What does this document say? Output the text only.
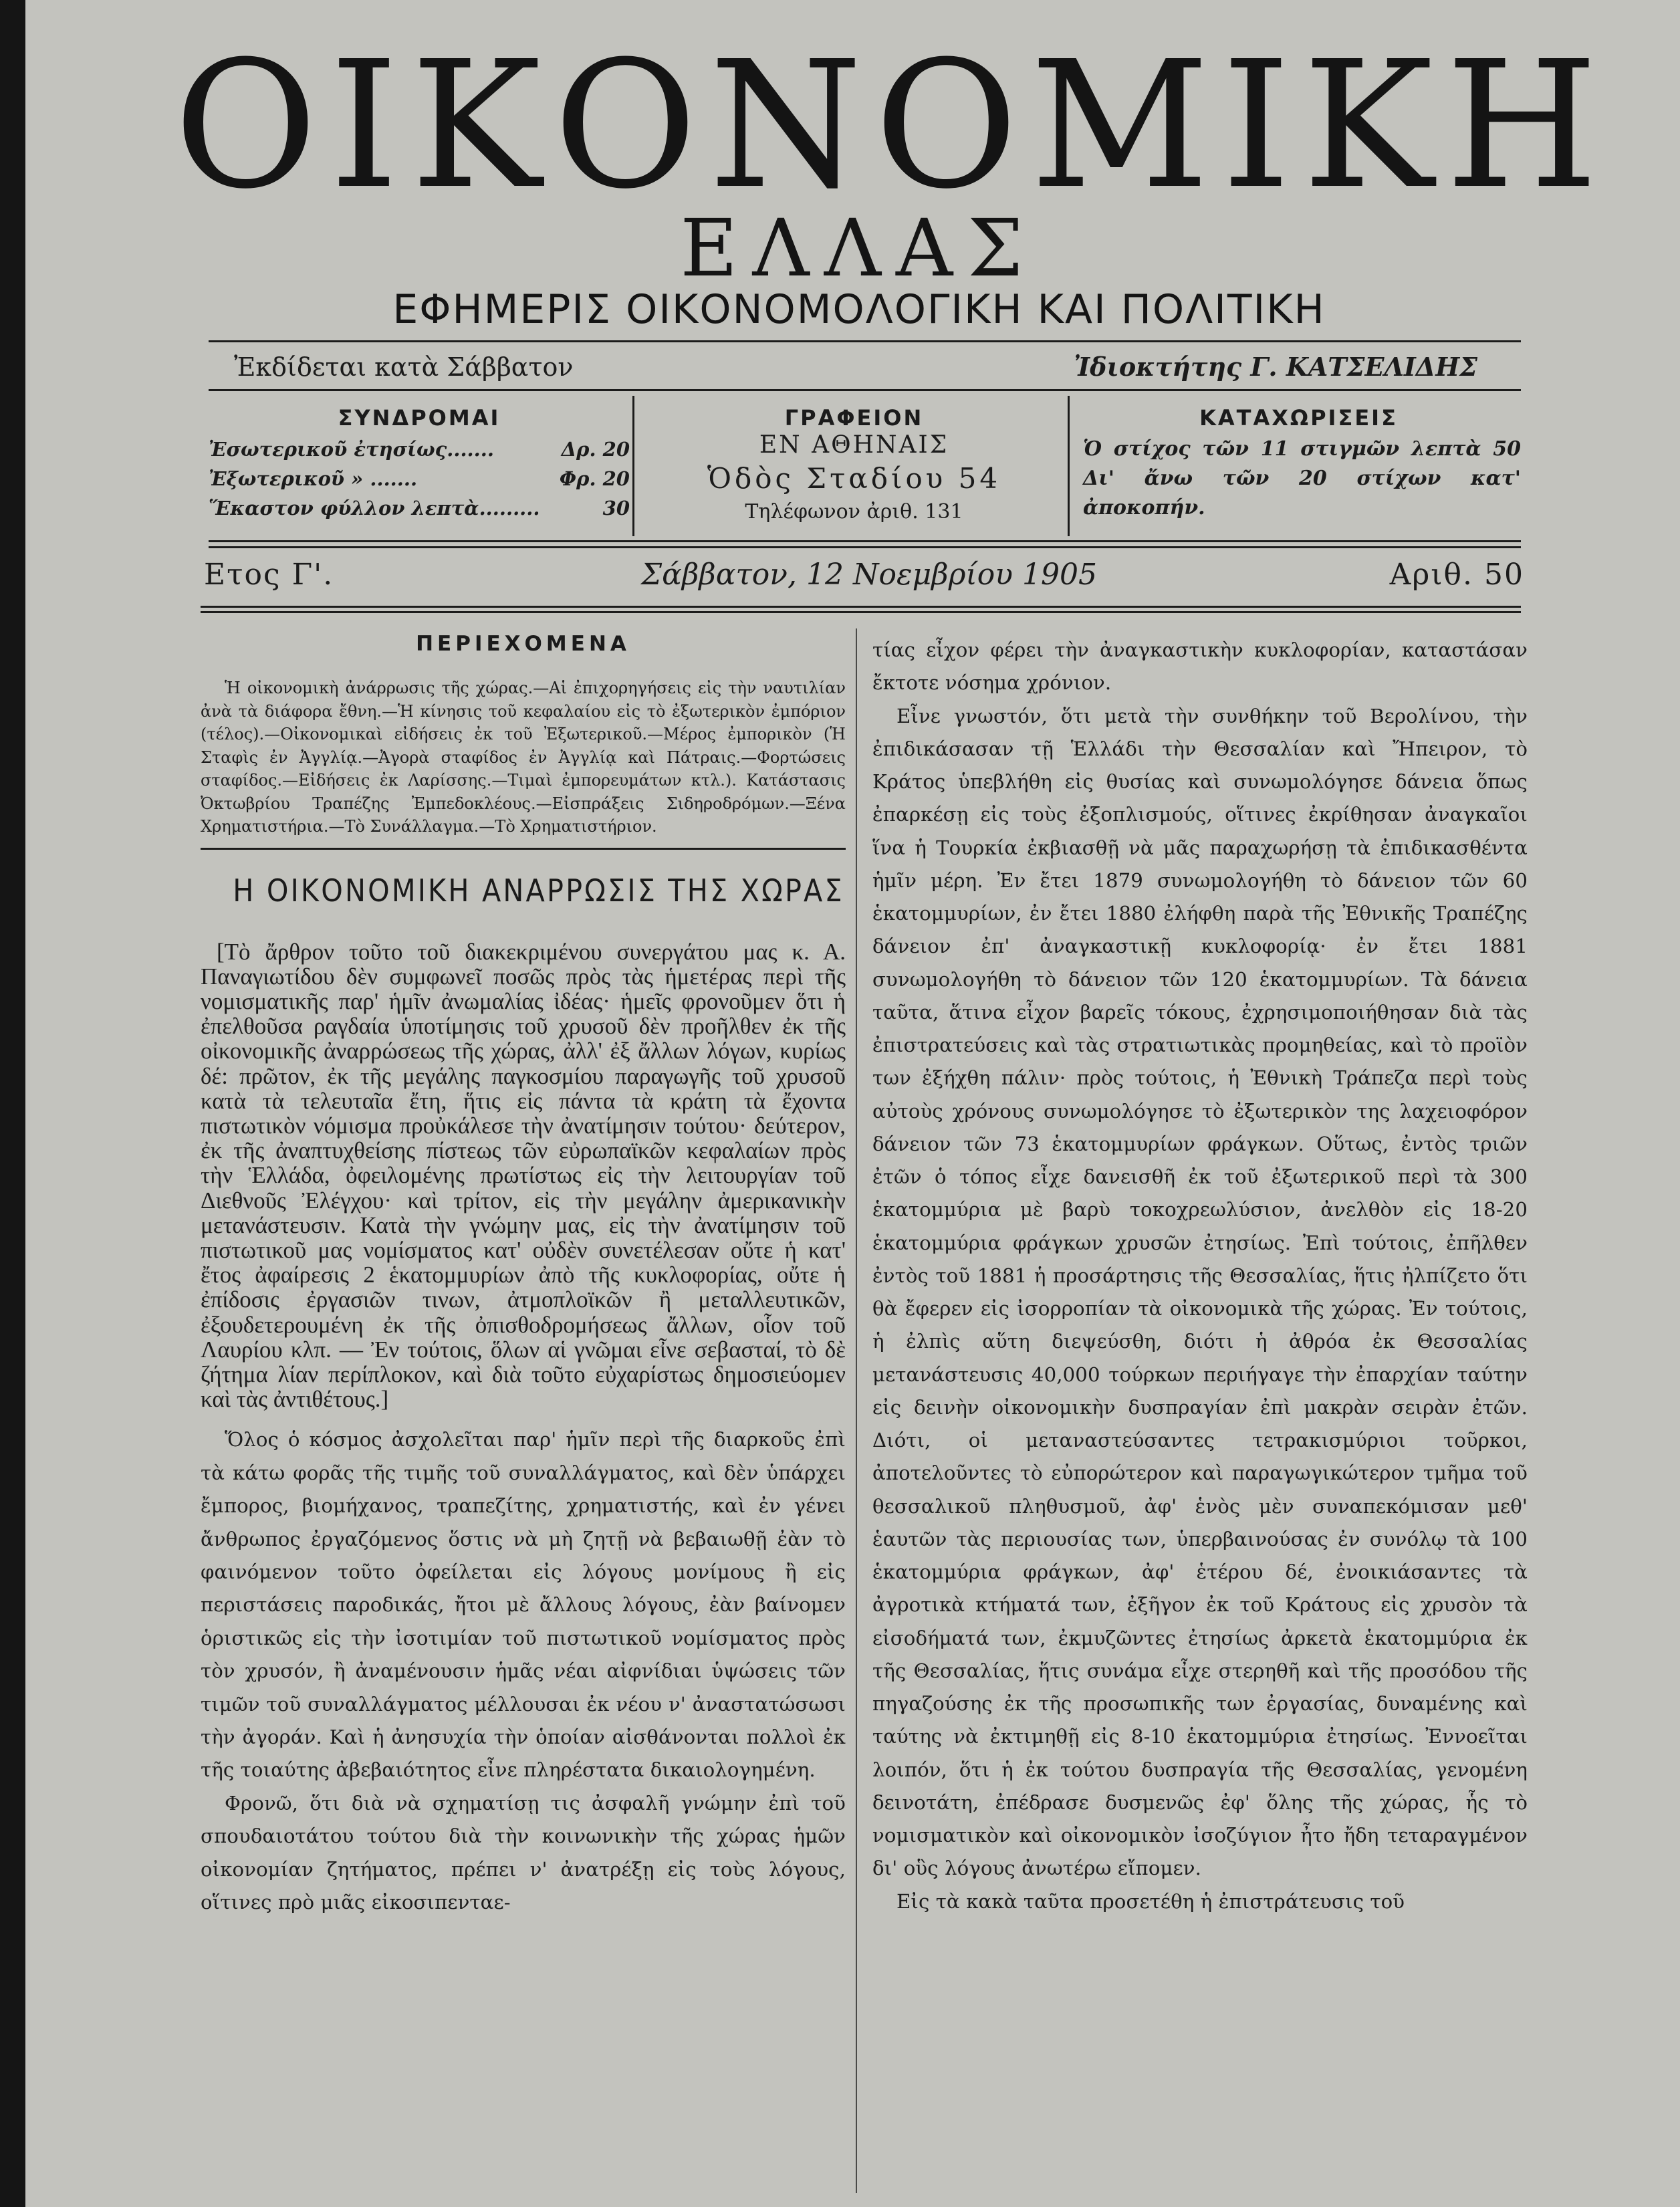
ΟΙΚΟΝΟΜΙΚΗ
ΕΛΛΑΣ
ΕΦΗΜΕΡΙΣ ΟΙΚΟΝΟΜΟΛΟΓΙΚΗ ΚΑΙ ΠΟΛΙΤΙΚΗ
Ἐκδίδεται κατὰ Σάββατον	Ἰδιοκτήτης Γ. ΚΑΤΣΕΛΙΔΗΣ
ΣΥΝΔΡΟΜΑΙ
Ἐσωτερικοῦ ἐτησίως.......	Δρ. 20
Ἐξωτερικοῦ » .......	Φρ. 20
Ἕκαστον φύλλον λεπτὰ.........	30
ΓΡΑΦΕΙΟΝ
ΕΝ ΑΘΗΝΑΙΣ
Ὁδὸς Σταδίου 54
Τηλέφωνον ἀριθ. 131
ΚΑΤΑΧΩΡΙΣΕΙΣ
Ὁ στίχος τῶν 11 στιγμῶν λεπτὰ 50 Δι' ἄνω τῶν 20 στίχων κατ' ἀποκοπήν.
Ετος Γ'.	Σάββατον, 12 Νοεμβρίου 1905	Αριθ. 50
ΠΕΡΙΕΧΟΜΕΝΑ

Ἡ οἰκονομικὴ ἀνάρρωσις τῆς χώρας.—Αἱ ἐπιχορηγήσεις εἰς τὴν ναυτιλίαν ἀνὰ τὰ διάφορα ἔθνη.—Ἡ κίνησις τοῦ κεφαλαίου εἰς τὸ ἐξωτερικὸν ἐμπόριον (τέλος).—Οἰκονομικαὶ εἰδήσεις ἐκ τοῦ Ἐξωτερικοῦ.—Μέρος ἐμπορικὸν (Ἡ Σταφὶς ἐν Ἀγγλίᾳ.—Ἀγορὰ σταφίδος ἐν Ἀγγλίᾳ καὶ Πάτραις.—Φορτώσεις σταφίδος.—Εἰδήσεις ἐκ Λαρίσσης.—Τιμαὶ ἐμπορευμάτων κτλ.). Κατάστασις Ὀκτωβρίου Τραπέζης Ἐμπεδοκλέους.—Εἰσπράξεις Σιδηροδρόμων.—Ξένα Χρηματιστήρια.—Τὸ Συνάλλαγμα.—Τὸ Χρηματιστήριον.

Η ΟΙΚΟΝΟΜΙΚΗ ΑΝΑΡΡΩΣΙΣ ΤΗΣ ΧΩΡΑΣ

[Τὸ ἄρθρον τοῦτο τοῦ διακεκριμένου συνεργάτου μας κ. Α. Παναγιωτίδου δὲν συμφωνεῖ ποσῶς πρὸς τὰς ἡμετέρας περὶ τῆς νομισματικῆς παρ' ἡμῖν ἀνωμαλίας ἰδέας· ἡμεῖς φρονοῦμεν ὅτι ἡ ἐπελθοῦσα ραγδαία ὑποτίμησις τοῦ χρυσοῦ δὲν προῆλθεν ἐκ τῆς οἰκονομικῆς ἀναρρώσεως τῆς χώρας, ἀλλ' ἐξ ἄλλων λόγων, κυρίως δέ: πρῶτον, ἐκ τῆς μεγάλης παγκοσμίου παραγωγῆς τοῦ χρυσοῦ κατὰ τὰ τελευταῖα ἔτη, ἥτις εἰς πάντα τὰ κράτη τὰ ἔχοντα πιστωτικὸν νόμισμα προὐκάλεσε τὴν ἀνατίμησιν τούτου· δεύτερον, ἐκ τῆς ἀναπτυχθείσης πίστεως τῶν εὐρωπαϊκῶν κεφαλαίων πρὸς τὴν Ἑλλάδα, ὀφειλομένης πρωτίστως εἰς τὴν λειτουργίαν τοῦ Διεθνοῦς Ἐλέγχου· καὶ τρίτον, εἰς τὴν μεγάλην ἀμερικανικὴν μετανάστευσιν. Κατὰ τὴν γνώμην μας, εἰς τὴν ἀνατίμησιν τοῦ πιστωτικοῦ μας νομίσματος κατ' οὐδὲν συνετέλεσαν οὔτε ἡ κατ' ἔτος ἀφαίρεσις 2 ἑκατομμυρίων ἀπὸ τῆς κυκλοφορίας, οὔτε ἡ ἐπίδοσις ἐργασιῶν τινων, ἀτμοπλοϊκῶν ἢ μεταλλευτικῶν, ἐξουδετερουμένη ἐκ τῆς ὀπισθοδρομήσεως ἄλλων, οἷον τοῦ Λαυρίου κλπ. — Ἐν τούτοις, ὅλων αἱ γνῶμαι εἶνε σεβασταί, τὸ δὲ ζήτημα λίαν περίπλοκον, καὶ διὰ τοῦτο εὐχαρίστως δημοσιεύομεν καὶ τὰς ἀντιθέτους.]

Ὅλος ὁ κόσμος ἀσχολεῖται παρ' ἡμῖν περὶ τῆς διαρκοῦς ἐπὶ τὰ κάτω φορᾶς τῆς τιμῆς τοῦ συναλλάγματος, καὶ δὲν ὑπάρχει ἔμπορος, βιομήχανος, τραπεζίτης, χρηματιστής, καὶ ἐν γένει ἄνθρωπος ἐργαζόμενος ὅστις νὰ μὴ ζητῇ νὰ βεβαιωθῇ ἐὰν τὸ φαινόμενον τοῦτο ὀφείλεται εἰς λόγους μονίμους ἢ εἰς περιστάσεις παροδικάς, ἤτοι μὲ ἄλλους λόγους, ἐὰν βαίνομεν ὁριστικῶς εἰς τὴν ἰσοτιμίαν τοῦ πιστωτικοῦ νομίσματος πρὸς τὸν χρυσόν, ἢ ἀναμένουσιν ἡμᾶς νέαι αἰφνίδιαι ὑψώσεις τῶν τιμῶν τοῦ συναλλάγματος μέλλουσαι ἐκ νέου ν' ἀναστατώσωσι τὴν ἀγοράν. Καὶ ἡ ἀνησυχία τὴν ὁποίαν αἰσθάνονται πολλοὶ ἐκ τῆς τοιαύτης ἀβεβαιότητος εἶνε πληρέστατα δικαιολογημένη.

Φρονῶ, ὅτι διὰ νὰ σχηματίσῃ τις ἀσφαλῆ γνώμην ἐπὶ τοῦ σπουδαιοτάτου τούτου διὰ τὴν κοινωνικὴν τῆς χώρας ἡμῶν οἰκονομίαν ζητήματος, πρέπει ν' ἀνατρέξῃ εἰς τοὺς λόγους, οἵτινες πρὸ μιᾶς εἰκοσιπενταε-

τίας εἶχον φέρει τὴν ἀναγκαστικὴν κυκλοφορίαν, καταστάσαν ἔκτοτε νόσημα χρόνιον.

Εἶνε γνωστόν, ὅτι μετὰ τὴν συνθήκην τοῦ Βερολίνου, τὴν ἐπιδικάσασαν τῇ Ἑλλάδι τὴν Θεσσαλίαν καὶ Ἤπειρον, τὸ Κράτος ὑπεβλήθη εἰς θυσίας καὶ συνωμολόγησε δάνεια ὅπως ἐπαρκέσῃ εἰς τοὺς ἐξοπλισμούς, οἵτινες ἐκρίθησαν ἀναγκαῖοι ἵνα ἡ Τουρκία ἐκβιασθῇ νὰ μᾶς παραχωρήσῃ τὰ ἐπιδικασθέντα ἡμῖν μέρη. Ἐν ἔτει 1879 συνωμολογήθη τὸ δάνειον τῶν 60 ἑκατομμυρίων, ἐν ἔτει 1880 ἐλήφθη παρὰ τῆς Ἐθνικῆς Τραπέζης δάνειον ἐπ' ἀναγκαστικῇ κυκλοφορίᾳ· ἐν ἔτει 1881 συνωμολογήθη τὸ δάνειον τῶν 120 ἑκατομμυρίων. Τὰ δάνεια ταῦτα, ἅτινα εἶχον βαρεῖς τόκους, ἐχρησιμοποιήθησαν διὰ τὰς ἐπιστρατεύσεις καὶ τὰς στρατιωτικὰς προμηθείας, καὶ τὸ προϊὸν των ἐξήχθη πάλιν· πρὸς τούτοις, ἡ Ἐθνικὴ Τράπεζα περὶ τοὺς αὐτοὺς χρόνους συνωμολόγησε τὸ ἐξωτερικὸν της λαχειοφόρον δάνειον τῶν 73 ἑκατομμυρίων φράγκων. Οὕτως, ἐντὸς τριῶν ἐτῶν ὁ τόπος εἶχε δανεισθῆ ἐκ τοῦ ἐξωτερικοῦ περὶ τὰ 300 ἑκατομμύρια μὲ βαρὺ τοκοχρεωλύσιον, ἀνελθὸν εἰς 18-20 ἑκατομμύρια φράγκων χρυσῶν ἐτησίως. Ἐπὶ τούτοις, ἐπῆλθεν ἐντὸς τοῦ 1881 ἡ προσάρτησις τῆς Θεσσαλίας, ἥτις ἠλπίζετο ὅτι θὰ ἔφερεν εἰς ἰσορροπίαν τὰ οἰκονομικὰ τῆς χώρας. Ἐν τούτοις, ἡ ἐλπὶς αὕτη διεψεύσθη, διότι ἡ ἀθρόα ἐκ Θεσσαλίας μετανάστευσις 40,000 τούρκων περιήγαγε τὴν ἐπαρχίαν ταύτην εἰς δεινὴν οἰκονομικὴν δυσπραγίαν ἐπὶ μακρὰν σειρὰν ἐτῶν. Διότι, οἱ μεταναστεύσαντες τετρακισμύριοι τοῦρκοι, ἀποτελοῦντες τὸ εὐπορώτερον καὶ παραγωγικώτερον τμῆμα τοῦ θεσσαλικοῦ πληθυσμοῦ, ἀφ' ἑνὸς μὲν συναπεκόμισαν μεθ' ἑαυτῶν τὰς περιουσίας των, ὑπερβαινούσας ἐν συνόλῳ τὰ 100 ἑκατομμύρια φράγκων, ἀφ' ἑτέρου δέ, ἐνοικιάσαντες τὰ ἀγροτικὰ κτήματά των, ἐξῆγον ἐκ τοῦ Κράτους εἰς χρυσὸν τὰ εἰσοδήματά των, ἐκμυζῶντες ἐτησίως ἀρκετὰ ἑκατομμύρια ἐκ τῆς Θεσσαλίας, ἥτις συνάμα εἶχε στερηθῆ καὶ τῆς προσόδου τῆς πηγαζούσης ἐκ τῆς προσωπικῆς των ἐργασίας, δυναμένης καὶ ταύτης νὰ ἐκτιμηθῇ εἰς 8-10 ἑκατομμύρια ἐτησίως. Ἐννοεῖται λοιπόν, ὅτι ἡ ἐκ τούτου δυσπραγία τῆς Θεσσαλίας, γενομένη δεινοτάτη, ἐπέδρασε δυσμενῶς ἐφ' ὅλης τῆς χώρας, ἧς τὸ νομισματικὸν καὶ οἰκονομικὸν ἰσοζύγιον ἦτο ἤδη τεταραγμένον δι' οὓς λόγους ἀνωτέρω εἴπομεν.

Εἰς τὰ κακὰ ταῦτα προσετέθη ἡ ἐπιστράτευσις τοῦ
